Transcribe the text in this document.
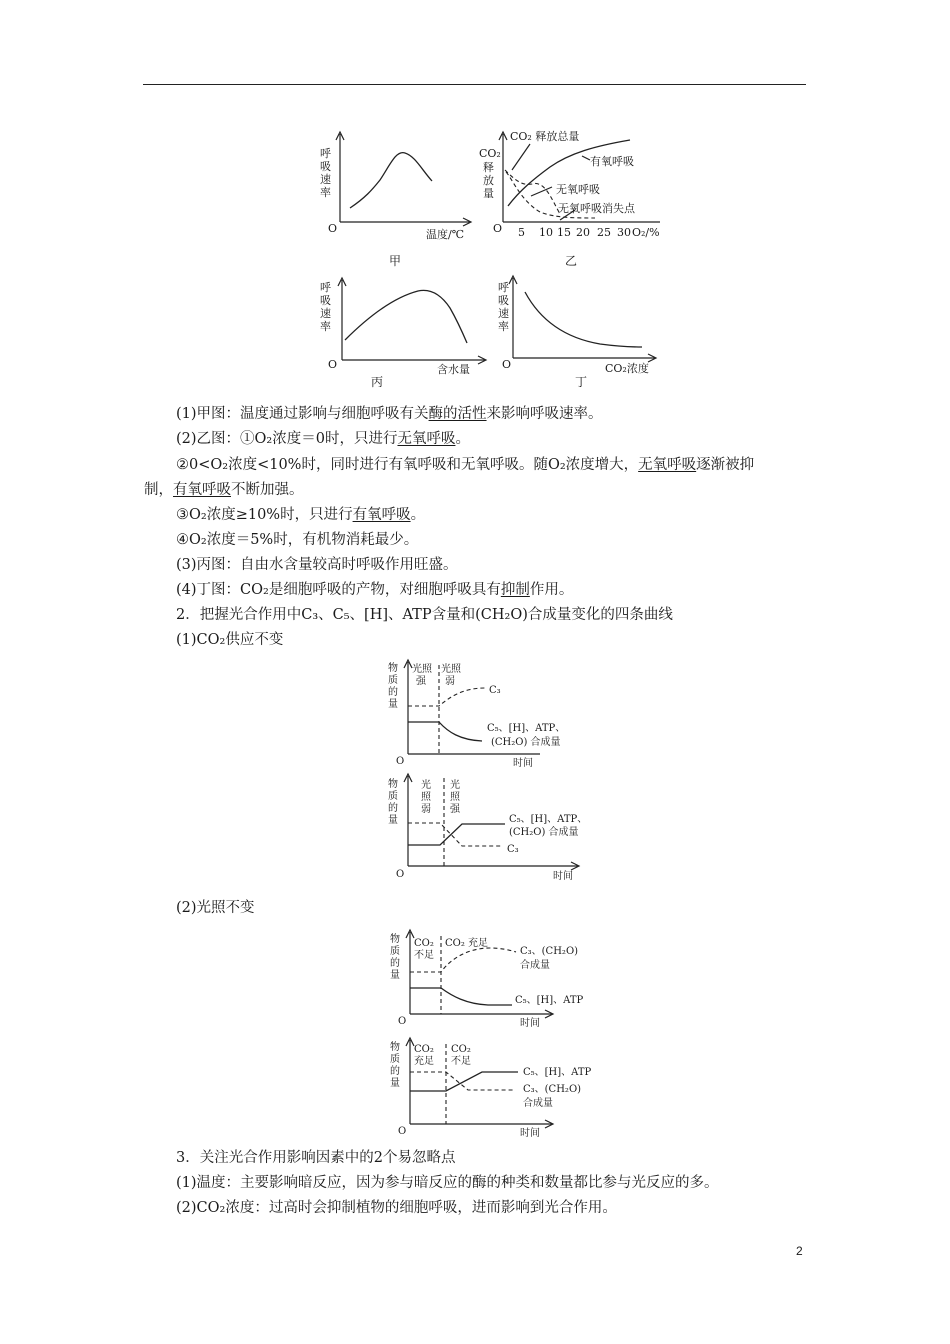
呼
吸
速
率
O	温度/℃
甲
CO₂ 释放总量
有氧呼吸
无氧呼吸
无氧呼吸消失点
CO₂
释
放
量
O 5 10 15 20 25 30 O₂/%
乙
呼
吸
速
率
O	含水量
丙
呼
吸
速
率
O	CO₂浓度
丁
物
质
的
量
光照
强
光照
弱
C₃
C₅、[H]、ATP、
(CH₂O) 合成量
O	时间
物
质
的
量
光
照
弱
光
照
强
C₅、[H]、ATP、
(CH₂O) 合成量
C₃
O	时间
物
质
的
量
CO₂
不足
CO₂ 充足
C₃、(CH₂O)
合成量
C₅、[H]、ATP
O	时间
物
质
的
量
CO₂
充足
CO₂
不足
C₅、[H]、ATP
C₃、(CH₂O)
合成量
O	时间
(1)甲图：温度通过影响与细胞呼吸有关酶的活性来影响呼吸速率。
(2)乙图：①O₂浓度＝0时，只进行无氧呼吸。
②0<O₂浓度<10%时，同时进行有氧呼吸和无氧呼吸。随O₂浓度增大，无氧呼吸逐渐被抑
制，有氧呼吸不断加强。
③O₂浓度≥10%时，只进行有氧呼吸。
④O₂浓度＝5%时，有机物消耗最少。
(3)丙图：自由水含量较高时呼吸作用旺盛。
(4)丁图：CO₂是细胞呼吸的产物，对细胞呼吸具有抑制作用。
2．把握光合作用中C₃、C₅、[H]、ATP含量和(CH₂O)合成量变化的四条曲线
(1)CO₂供应不变
(2)光照不变
3．关注光合作用影响因素中的2个易忽略点
(1)温度：主要影响暗反应，因为参与暗反应的酶的种类和数量都比参与光反应的多。
(2)CO₂浓度：过高时会抑制植物的细胞呼吸，进而影响到光合作用。
2
